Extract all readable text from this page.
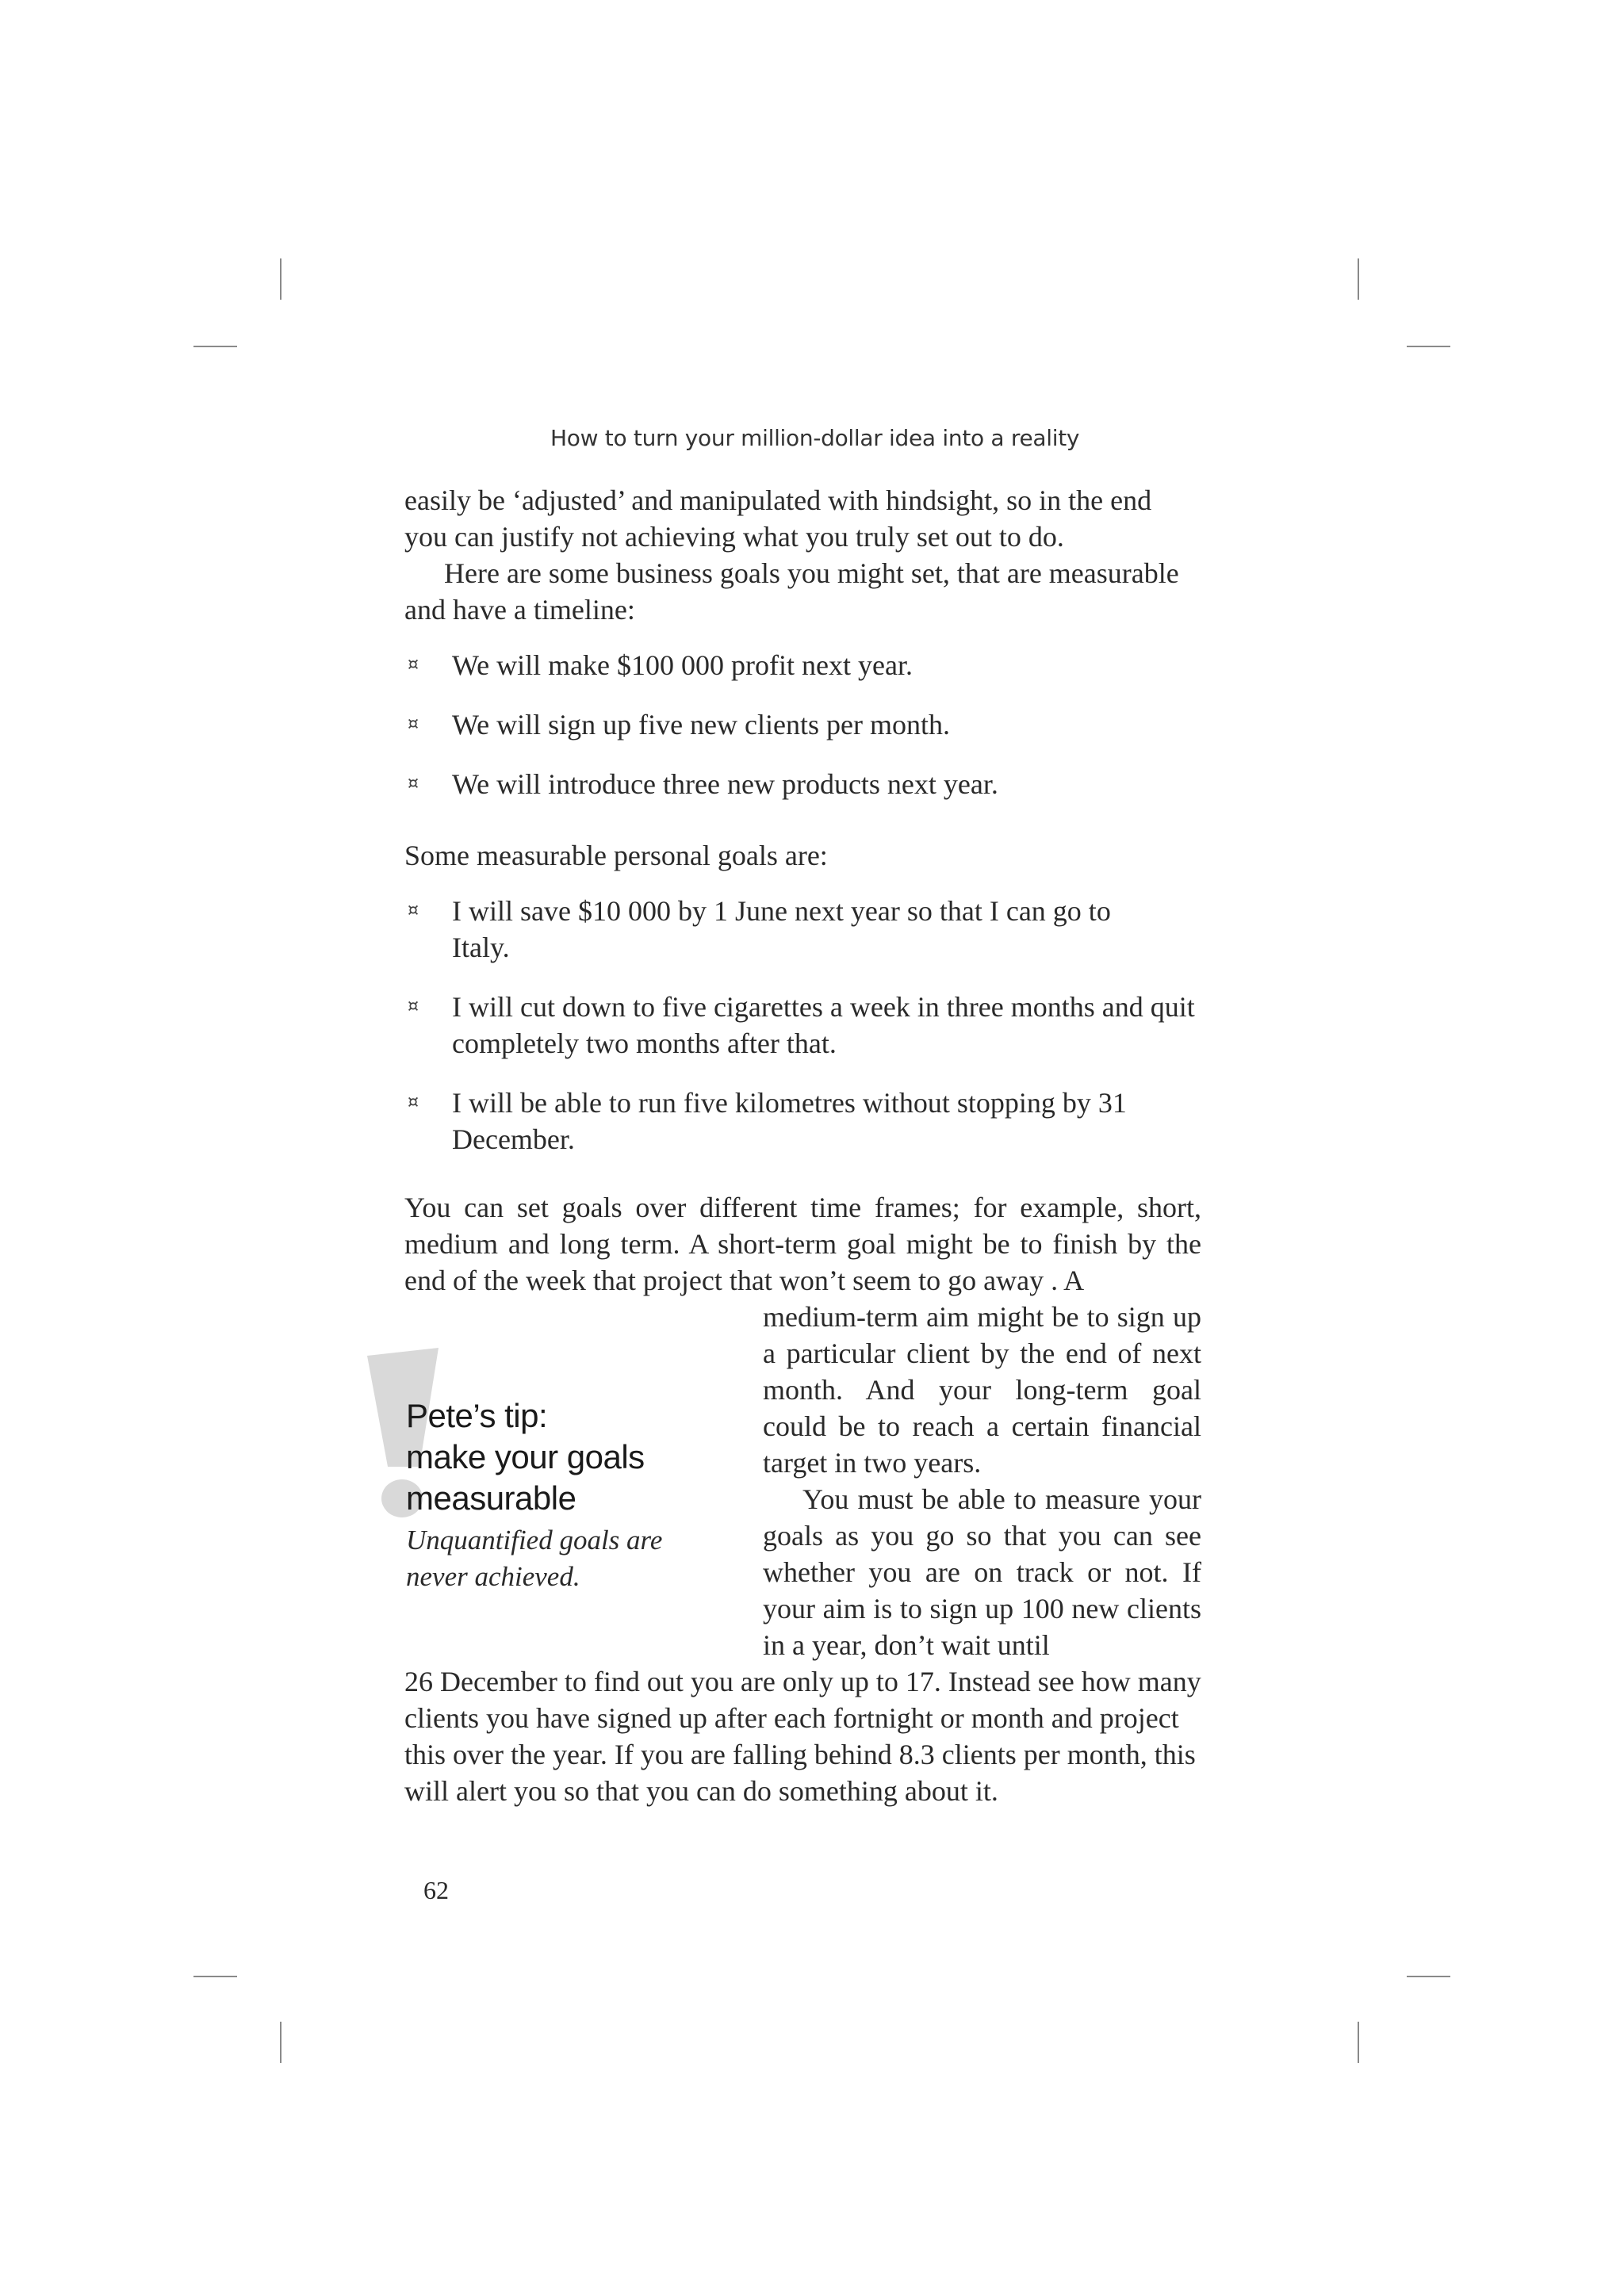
How to turn your million-dollar idea into a reality

easily be ‘adjusted’ and manipulated with hindsight, so in the end you can justify not achieving what you truly set out to do.

Here are some business goals you might set, that are measurable and have a timeline:

¤ We will make $100 000 profit next year.
¤ We will sign up five new clients per month.
¤ We will introduce three new products next year.

Some measurable personal goals are:

¤ I will save $10 000 by 1 June next year so that I can go to Italy.
¤ I will cut down to five cigarettes a week in three months and quit completely two months after that.
¤ I will be able to run five kilometres without stopping by 31 December.

You can set goals over different time frames; for example, short, medium and long term. A short-term goal might be to finish by the end of the week that project that won’t seem to go away . A

Pete’s tip:
make your goals
measurable
Unquantified goals are never achieved.

medium-term aim might be to sign up a particular client by the end of next month. And your long-term goal could be to reach a certain financial target in two years.

You must be able to measure your goals as you go so that you can see whether you are on track or not. If your aim is to sign up 100 new clients in a year, don’t wait until

26 December to find out you are only up to 17. Instead see how many clients you have signed up after each fortnight or month and project this over the year. If you are falling behind 8.3 clients per month, this will alert you so that you can do something about it.

62
